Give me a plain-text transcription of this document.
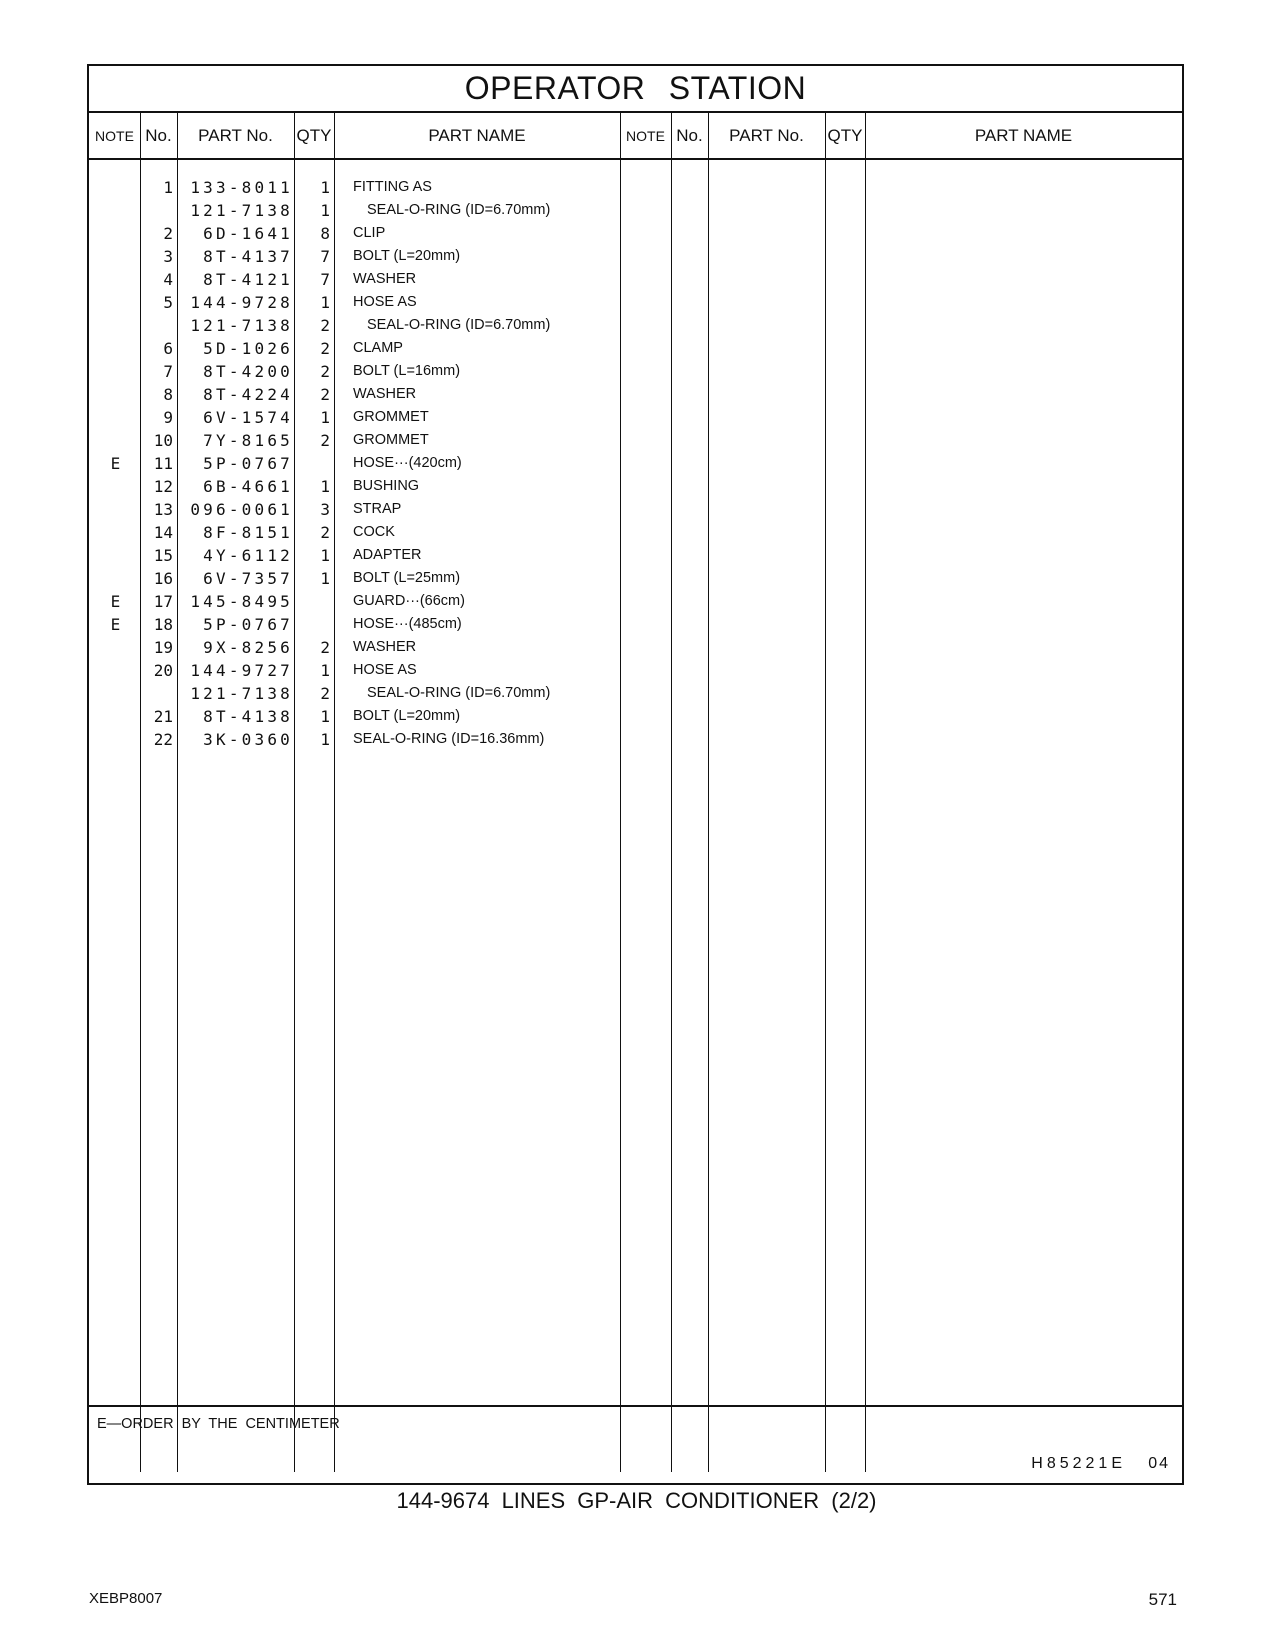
OPERATOR STATION
NOTE No.	PART No.	QTY	PART NAME	NOTE No.	PART No.	QTY	PART NAME
1	133-8011	1 FITTING AS
121-7138	1	SEAL-O-RING (ID=6.70mm)
2	6D-1641	8 CLIP
3	8T-4137	7 BOLT (L=20mm)
4	8T-4121	7 WASHER
5	144-9728	1 HOSE AS
121-7138	2	SEAL-O-RING (ID=6.70mm)
6	5D-1026	2 CLAMP
7	8T-4200	2 BOLT (L=16mm)
8	8T-4224	2 WASHER
9	6V-1574	1 GROMMET
10	7Y-8165	2 GROMMET
E	11	5P-0767	HOSE···(420cm)
12	6B-4661	1 BUSHING
13	096-0061	3 STRAP
14	8F-8151	2 COCK
15	4Y-6112	1 ADAPTER
16	6V-7357	1 BOLT (L=25mm)
E	17	145-8495	GUARD···(66cm)
E	18	5P-0767	HOSE···(485cm)
19	9X-8256	2 WASHER
20	144-9727	1 HOSE AS
121-7138	2	SEAL-O-RING (ID=6.70mm)
21	8T-4138	1 BOLT (L=20mm)
22	3K-0360	1 SEAL-O-RING (ID=16.36mm)
E—ORDER BY THE CENTIMETER
H85221E 04
144-9674 LINES GP-AIR CONDITIONER (2/2)
XEBP8007	571
